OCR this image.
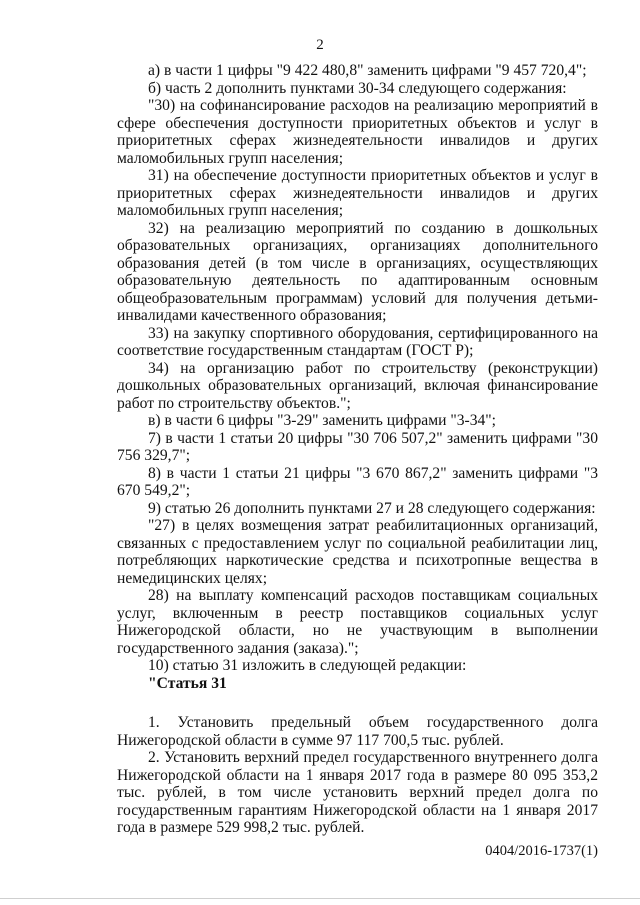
2

а) в части 1 цифры "9 422 480,8" заменить цифрами "9 457 720,4";

б) часть 2 дополнить пунктами 30-34 следующего содержания:

"30) на софинансирование расходов на реализацию мероприятий в сфере обеспечения доступности приоритетных объектов и услуг в приоритетных сферах жизнедеятельности инвалидов и других маломобильных групп населения;

31) на обеспечение доступности приоритетных объектов и услуг в приоритетных сферах жизнедеятельности инвалидов и других маломобильных групп населения;

32) на реализацию мероприятий по созданию в дошкольных образовательных организациях, организациях дополнительного образования детей (в том числе в организациях, осуществляющих образовательную деятельность по адаптированным основным общеобразовательным программам) условий для получения детьми-инвалидами качественного образования;

33) на закупку спортивного оборудования, сертифицированного на соответствие государственным стандартам (ГОСТ Р);

34) на организацию работ по строительству (реконструкции) дошкольных образовательных организаций, включая финансирование работ по строительству объектов.";

в) в части 6 цифры "3-29" заменить цифрами "3-34";

7) в части 1 статьи 20 цифры "30 706 507,2" заменить цифрами "30 756 329,7";

8) в части 1 статьи 21 цифры "3 670 867,2" заменить цифрами "3 670 549,2";

9) статью 26 дополнить пунктами 27 и 28 следующего содержания:

"27) в целях возмещения затрат реабилитационных организаций, связанных с предоставлением услуг по социальной реабилитации лиц, потребляющих наркотические средства и психотропные вещества в немедицинских целях;

28) на выплату компенсаций расходов поставщикам социальных услуг, включенным в реестр поставщиков социальных услуг Нижегородской области, но не участвующим в выполнении государственного задания (заказа).";

10) статью 31 изложить в следующей редакции:

"Статья 31

1. Установить предельный объем государственного долга Нижегородской области в сумме 97 117 700,5 тыс. рублей.

2. Установить верхний предел государственного внутреннего долга Нижегородской области на 1 января 2017 года в размере 80 095 353,2 тыс. рублей, в том числе установить верхний предел долга по государственным гарантиям Нижегородской области на 1 января 2017 года в размере 529 998,2 тыс. рублей.

0404/2016-1737(1)
